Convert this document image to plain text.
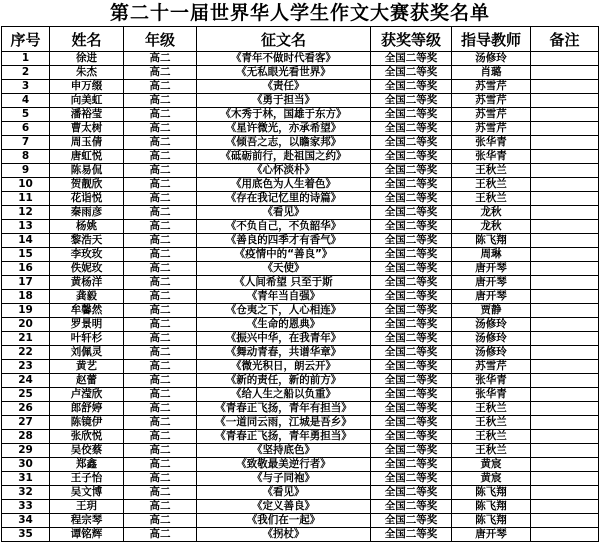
第二十一届世界华人学生作文大赛获奖名单
序号	姓名	年级	征文名	获奖等级	指导教师	备注
1	徐进	高二	《青年不做时代看客》	全国二等奖	汤修玲	
2	朱杰	高二	《无私眼光看世界》	全国二等奖	肖璐	
3	申万缀	高二	《责任》	全国二等奖	苏雪芹	
4	向美虹	高二	《勇于担当》	全国二等奖	苏雪芹	
5	潘裕莹	高二	《木秀于林，国雄于东方》	全国二等奖	苏雪芹	
6	曹太树	高二	《星许微光，亦承希望》	全国二等奖	苏雪芹	
7	周玉倩	高二	《倾吾之志，以瞻家邦》	全国二等奖	张华青	
8	唐虹悦	高二	《砥砺前行，赴祖国之约》	全国二等奖	张华青	
9	陈易侃	高二	《心怀淡朴》	全国二等奖	王秋兰	
10	贺靓欣	高二	《用底色为人生着色》	全国二等奖	王秋兰	
11	花诣悦	高二	《存在我记忆里的诗篇》	全国二等奖	王秋兰	
12	秦雨彦	高二	《看见》	全国二等奖	龙秋	
13	杨姚	高二	《不负自己，不负韶华》	全国二等奖	龙秋	
14	黎浩天	高二	《善良的四季才有香气》	全国二等奖	陈飞翔	
15	李玫玫	高二	《疫情中的“善良”》	全国二等奖	周琳	
16	佚妮玫	高二	《天使》	全国二等奖	唐开琴	
17	黄杨洋	高二	《人间希望 只至于斯	全国二等奖	唐开琴	
18	龚毅	高二	《青年当自强》	全国二等奖	唐开琴	
19	牟馨然	高二	《仓夷之下，人心相连》	全国二等奖	贾静	
20	罗景明	高二	《生命的恩典》	全国二等奖	汤修玲	
21	叶轩杉	高二	《振兴中华，在我青年》	全国二等奖	汤修玲	
22	刘佩灵	高二	《舞动青春，共谱华章》	全国二等奖	汤修玲	
23	黄艺	高二	《微光积日，朗云开》	全国二等奖	苏雪芹	
24	赵蕾	高二	《新的责任，新的前方》	全国二等奖	张华青	
25	卢滢欣	高二	《给人生之船以负重》	全国二等奖	张华青	
26	郎舒婷	高二	《青春正飞扬，青年有担当》	全国二等奖	王秋兰	
27	陈镜伊	高二	《一道同云雨，江城是吾乡》	全国二等奖	王秋兰	
28	张欣悦	高二	《青春正飞扬，青年勇担当》	全国二等奖	王秋兰	
29	吴佼蔡	高二	《坚持底色》	全国二等奖	王秋兰	
30	郑鑫	高二	《致敬最美逆行者》	全国二等奖	黄宸	
31	王子怡	高二	《与子同袍》	全国二等奖	黄宸	
32	吴文博	高二	《看见》	全国二等奖	陈飞翔	
33	王玥	高二	《定义善良》	全国二等奖	陈飞翔	
34	程宗琴	高二	《我们在一起》	全国二等奖	陈飞翔	
35	谭铭辉	高二	《拐杖》	全国二等奖	唐开琴	
